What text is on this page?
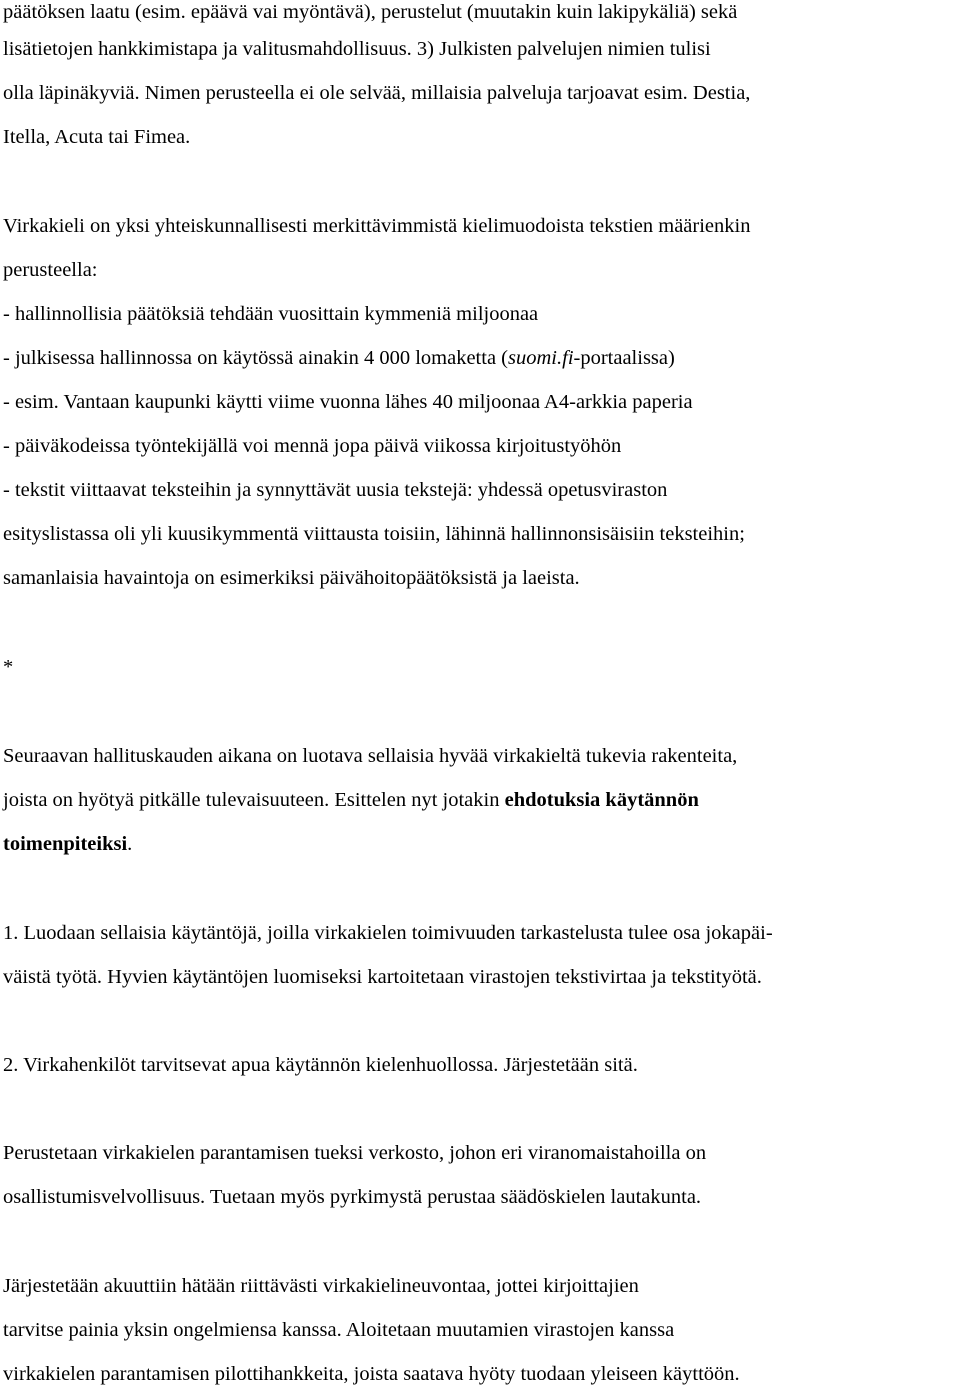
päätöksen laatu (esim. epäävä vai myöntävä), perustelut (muutakin kuin lakipykäliä) sekä
lisätietojen hankkimistapa ja valitusmahdollisuus. 3) Julkisten palvelujen nimien tulisi
olla läpinäkyviä. Nimen perusteella ei ole selvää, millaisia palveluja tarjoavat esim. Destia,
Itella, Acuta tai Fimea.
Virkakieli on yksi yhteiskunnallisesti merkittävimmistä kielimuodoista tekstien määrienkin
perusteella:
- hallinnollisia päätöksiä tehdään vuosittain kymmeniä miljoonaa
- julkisessa hallinnossa on käytössä ainakin 4 000 lomaketta (suomi.fi-portaalissa)
- esim. Vantaan kaupunki käytti viime vuonna lähes 40 miljoonaa A4-arkkia paperia
- päiväkodeissa työntekijällä voi mennä jopa päivä viikossa kirjoitustyöhön
- tekstit viittaavat teksteihin ja synnyttävät uusia tekstejä: yhdessä opetusviraston
esityslistassa oli yli kuusikymmentä viittausta toisiin, lähinnä hallinnonsisäisiin teksteihin;
samanlaisia havaintoja on esimerkiksi päivähoitopäätöksistä ja laeista.
*
Seuraavan hallituskauden aikana on luotava sellaisia hyvää virkakieltä tukevia rakenteita,
joista on hyötyä pitkälle tulevaisuuteen. Esittelen nyt jotakin ehdotuksia käytännön
toimenpiteiksi.
1. Luodaan sellaisia käytäntöjä, joilla virkakielen toimivuuden tarkastelusta tulee osa jokapäi-
väistä työtä. Hyvien käytäntöjen luomiseksi kartoitetaan virastojen tekstivirtaa ja tekstityötä.
2. Virkahenkilöt tarvitsevat apua käytännön kielenhuollossa. Järjestetään sitä.
Perustetaan virkakielen parantamisen tueksi verkosto, johon eri viranomaistahoilla on
osallistumisvelvollisuus. Tuetaan myös pyrkimystä perustaa säädöskielen lautakunta.
Järjestetään akuuttiin hätään riittävästi virkakielineuvontaa, jottei kirjoittajien
tarvitse painia yksin ongelmiensa kanssa. Aloitetaan muutamien virastojen kanssa
virkakielen parantamisen pilottihankkeita, joista saatava hyöty tuodaan yleiseen käyttöön.
